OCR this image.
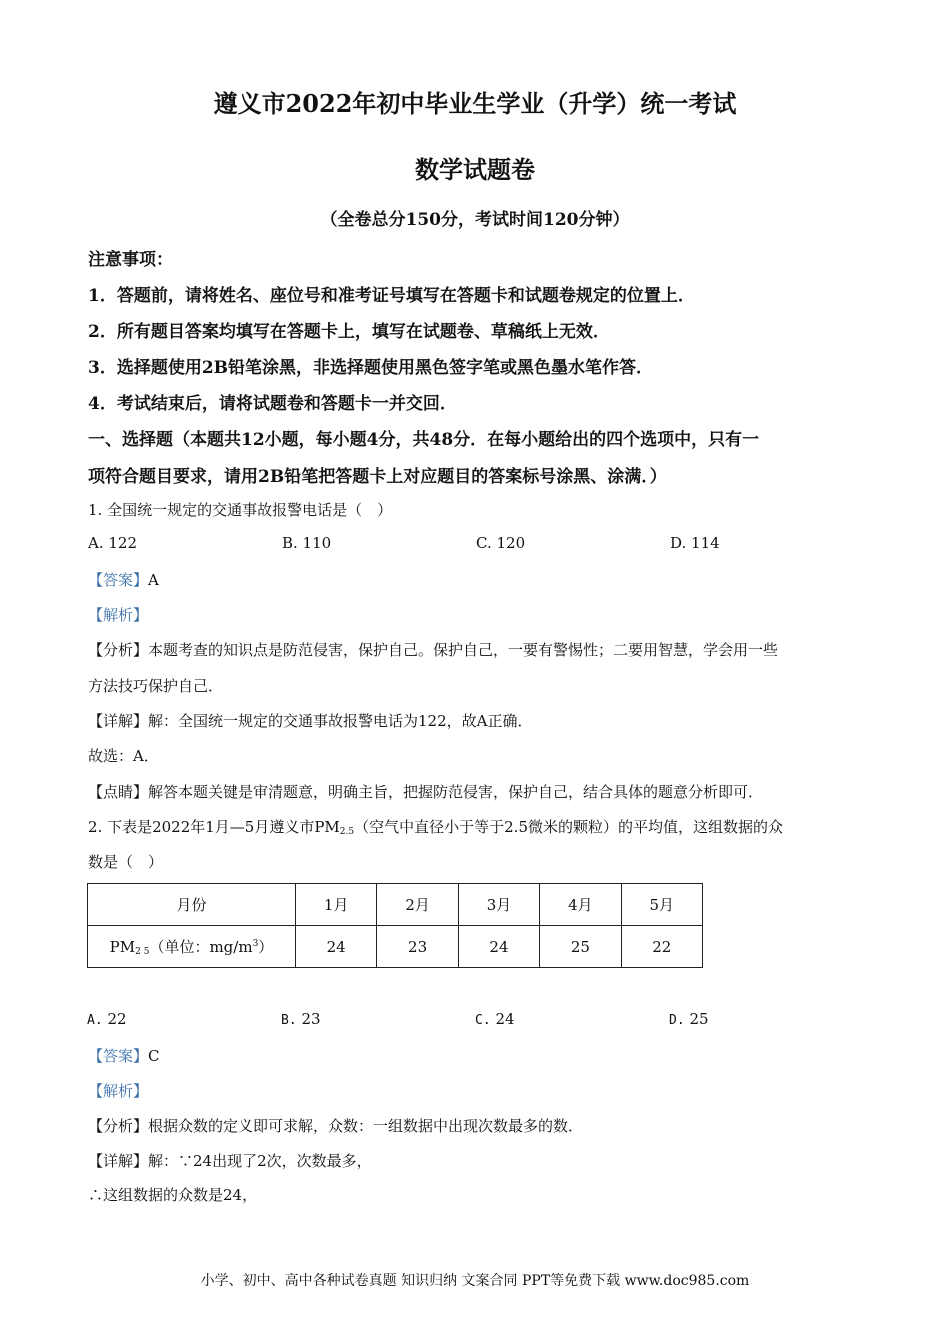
遵义市2022年初中毕业生学业（升学）统一考试
数学试题卷
（全卷总分150分，考试时间120分钟）
注意事项：
1．答题前，请将姓名、座位号和准考证号填写在答题卡和试题卷规定的位置上．
2．所有题目答案均填写在答题卡上，填写在试题卷、草稿纸上无效．
3．选择题使用2B铅笔涂黑，非选择题使用黑色签字笔或黑色墨水笔作答．
4．考试结束后，请将试题卷和答题卡一并交回．
一、选择题（本题共12小题，每小题4分，共48分．在每小题给出的四个选项中，只有一
项符合题目要求，请用2B铅笔把答题卡上对应题目的答案标号涂黑、涂满．）
1. 全国统一规定的交通事故报警电话是（　）
A. 122	B. 110	C. 120	D. 114
【答案】A
【解析】
【分析】本题考查的知识点是防范侵害，保护自己。保护自己，一要有警惕性；二要用智慧，学会用一些
方法技巧保护自己．
【详解】解：全国统一规定的交通事故报警电话为122，故A正确．
故选：A．
【点睛】解答本题关键是审清题意，明确主旨，把握防范侵害，保护自己，结合具体的题意分析即可．
2. 下表是2022年1月—5月遵义市$PM_{2.5}$（空气中直径小于等于2.5微米的颗粒）的平均值，这组数据的众
数是（　）
月份	1月	2月	3月	4月	5月
$PM_{2 5}$（单位：$mg/m^3$）	24	23	24	25	22
A. 22	B. 23	C. 24	D. 25
【答案】C
【解析】
【分析】根据众数的定义即可求解，众数：一组数据中出现次数最多的数．
【详解】解：∵24出现了2次，次数最多，
∴这组数据的众数是24，
小学、初中、高中各种试卷真题 知识归纳 文案合同 PPT等免费下载 www.doc985.com
